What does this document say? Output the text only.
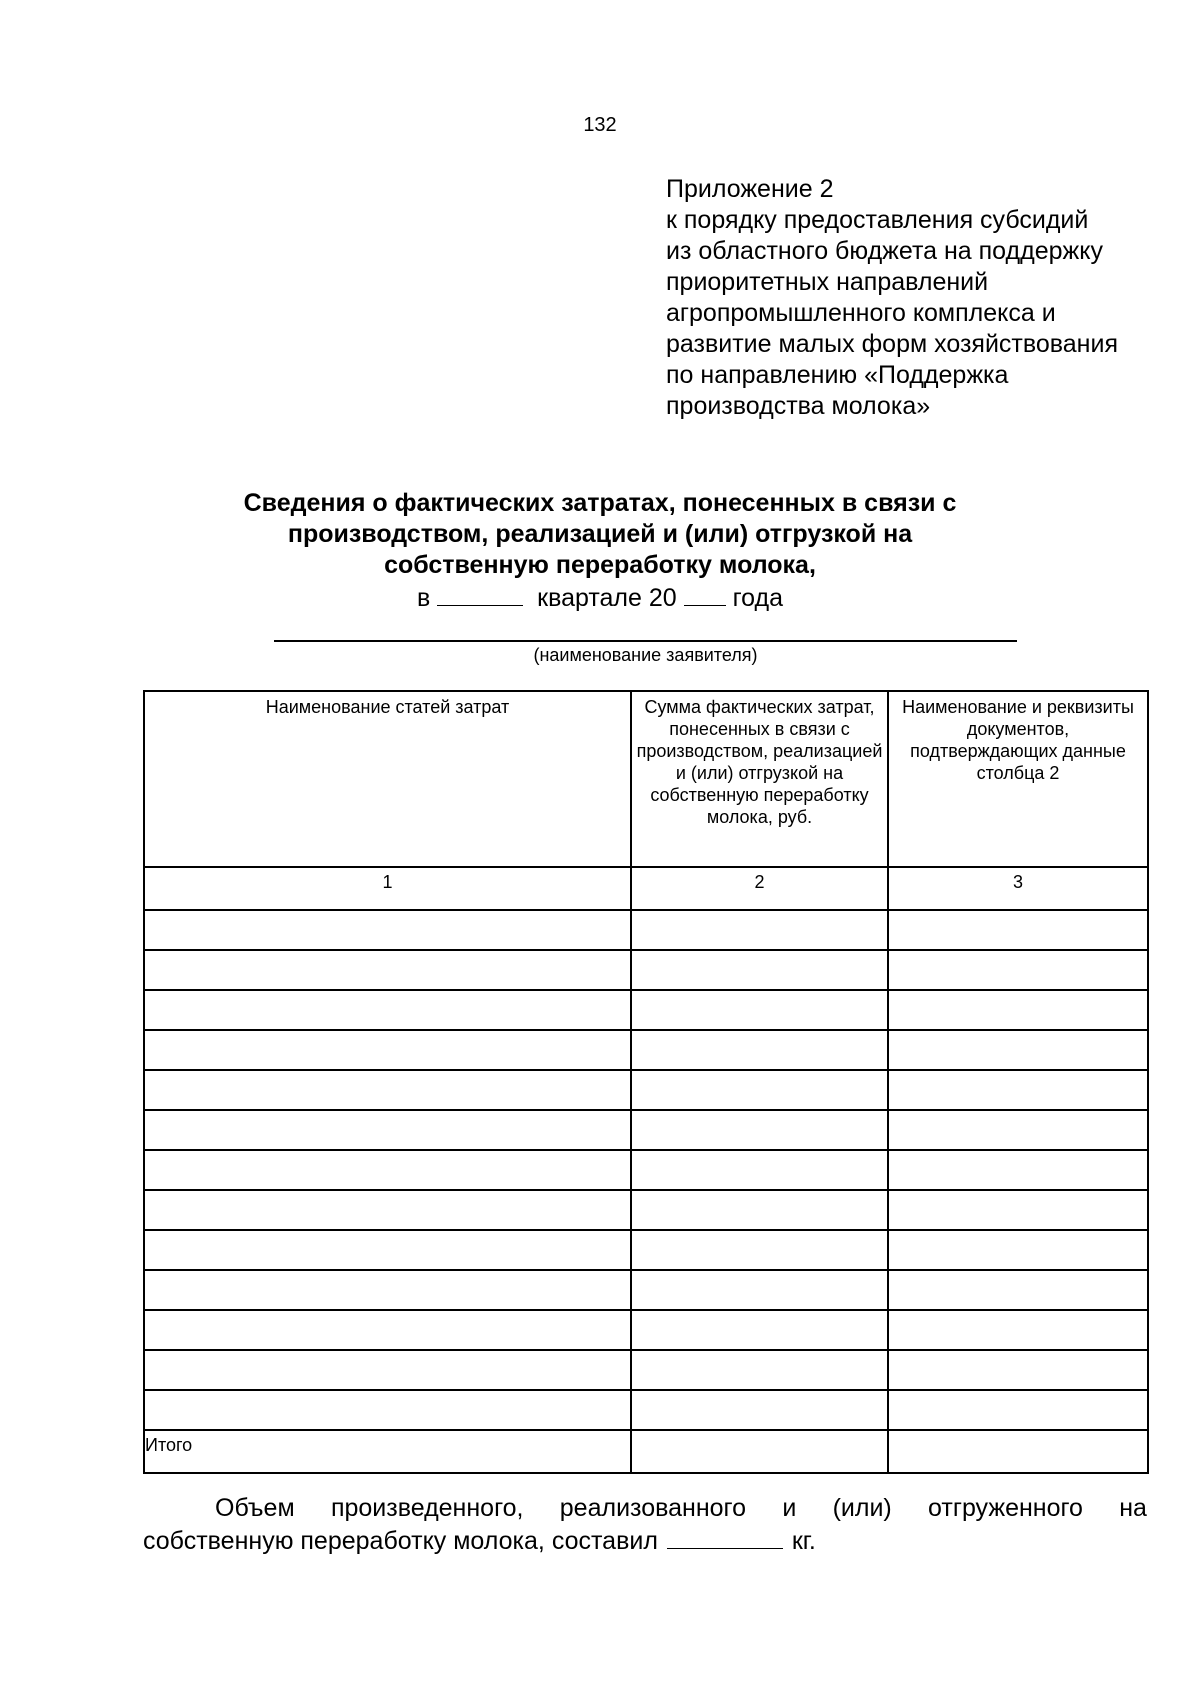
132
Приложение 2
к порядку предоставления субсидий
из областного бюджета на поддержку
приоритетных направлений
агропромышленного комплекса и
развитие малых форм хозяйствования
по направлению «Поддержка
производства молока»
Сведения о фактических затратах, понесенных в связи с
производством, реализацией и (или) отгрузкой на
собственную переработку молока,
в	квартале 20 года
(наименование заявителя)
Наименование статей затрат	Сумма фактических затрат, понесенных в связи с производством, реализацией и (или) отгрузкой на собственную переработку молока, руб.	Наименование и реквизиты документов, подтверждающих данные столбца 2

1	2	3

Итого		
Объем произведенного, реализованного и (или) отгруженного на
собственную переработку молока, составил	кг.
